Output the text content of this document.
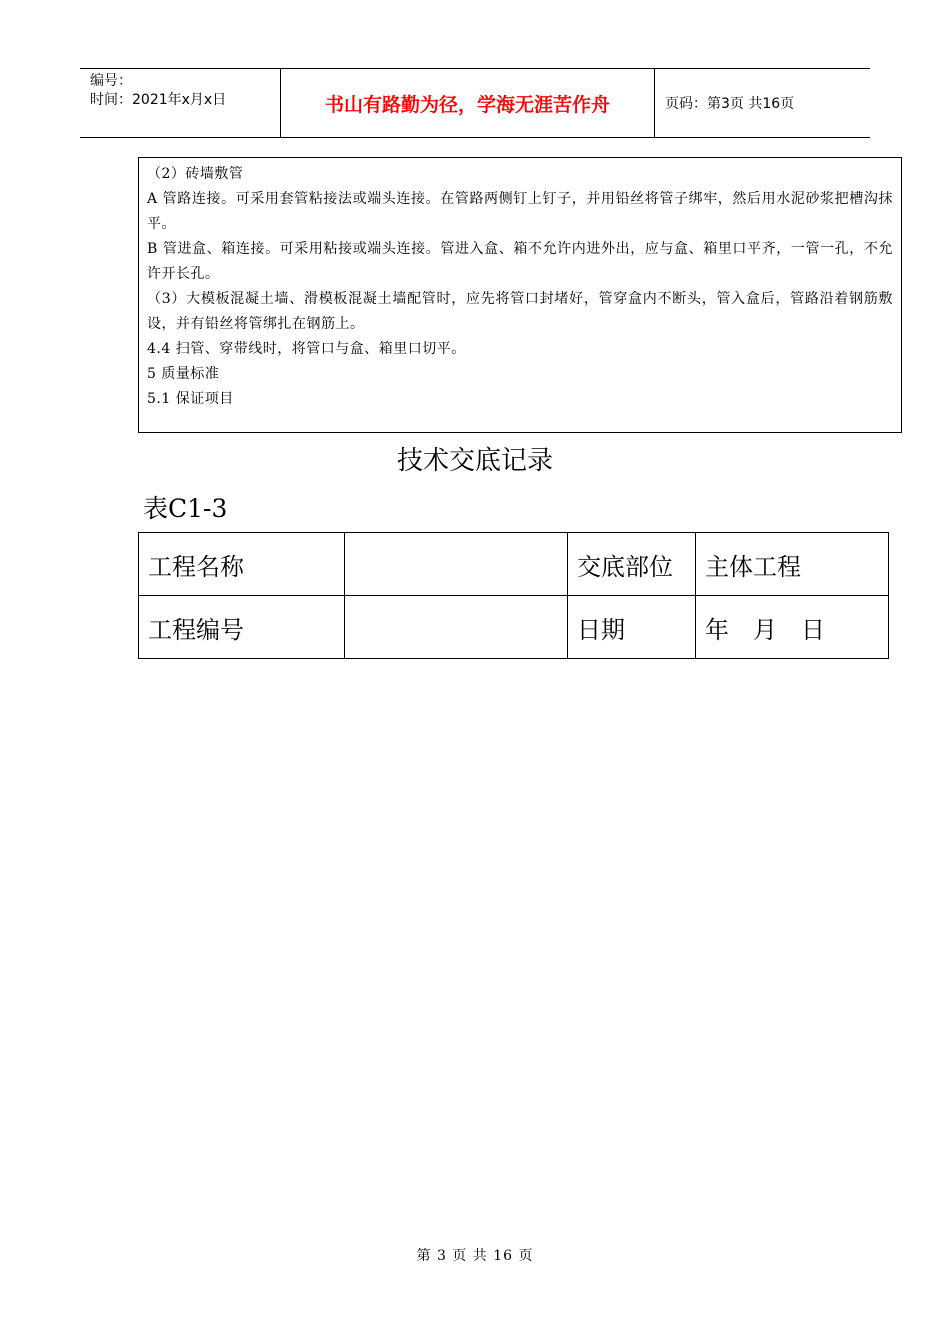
编号：
时间：2021年x月x日	书山有路勤为径，学海无涯苦作舟	页码：第3页 共16页

（2）砖墙敷管

A 管路连接。可采用套管粘接法或端头连接。在管路两侧钉上钉子，并用铅丝将管子绑牢，然后用水泥砂浆把槽沟抹平。

B 管进盒、箱连接。可采用粘接或端头连接。管进入盒、箱不允许内进外出，应与盒、箱里口平齐，一管一孔，不允许开长孔。

（3）大模板混凝土墙、滑模板混凝土墙配管时，应先将管口封堵好，管穿盒内不断头，管入盒后，管路沿着钢筋敷设，并有铅丝将管绑扎在钢筋上。

4.4 扫管、穿带线时，将管口与盒、箱里口切平。

5 质量标准

5.1 保证项目

技术交底记录
表C1-3
工程名称		交底部位	主体工程
工程编号		日期	年　月　日
第 3 页 共 16 页
